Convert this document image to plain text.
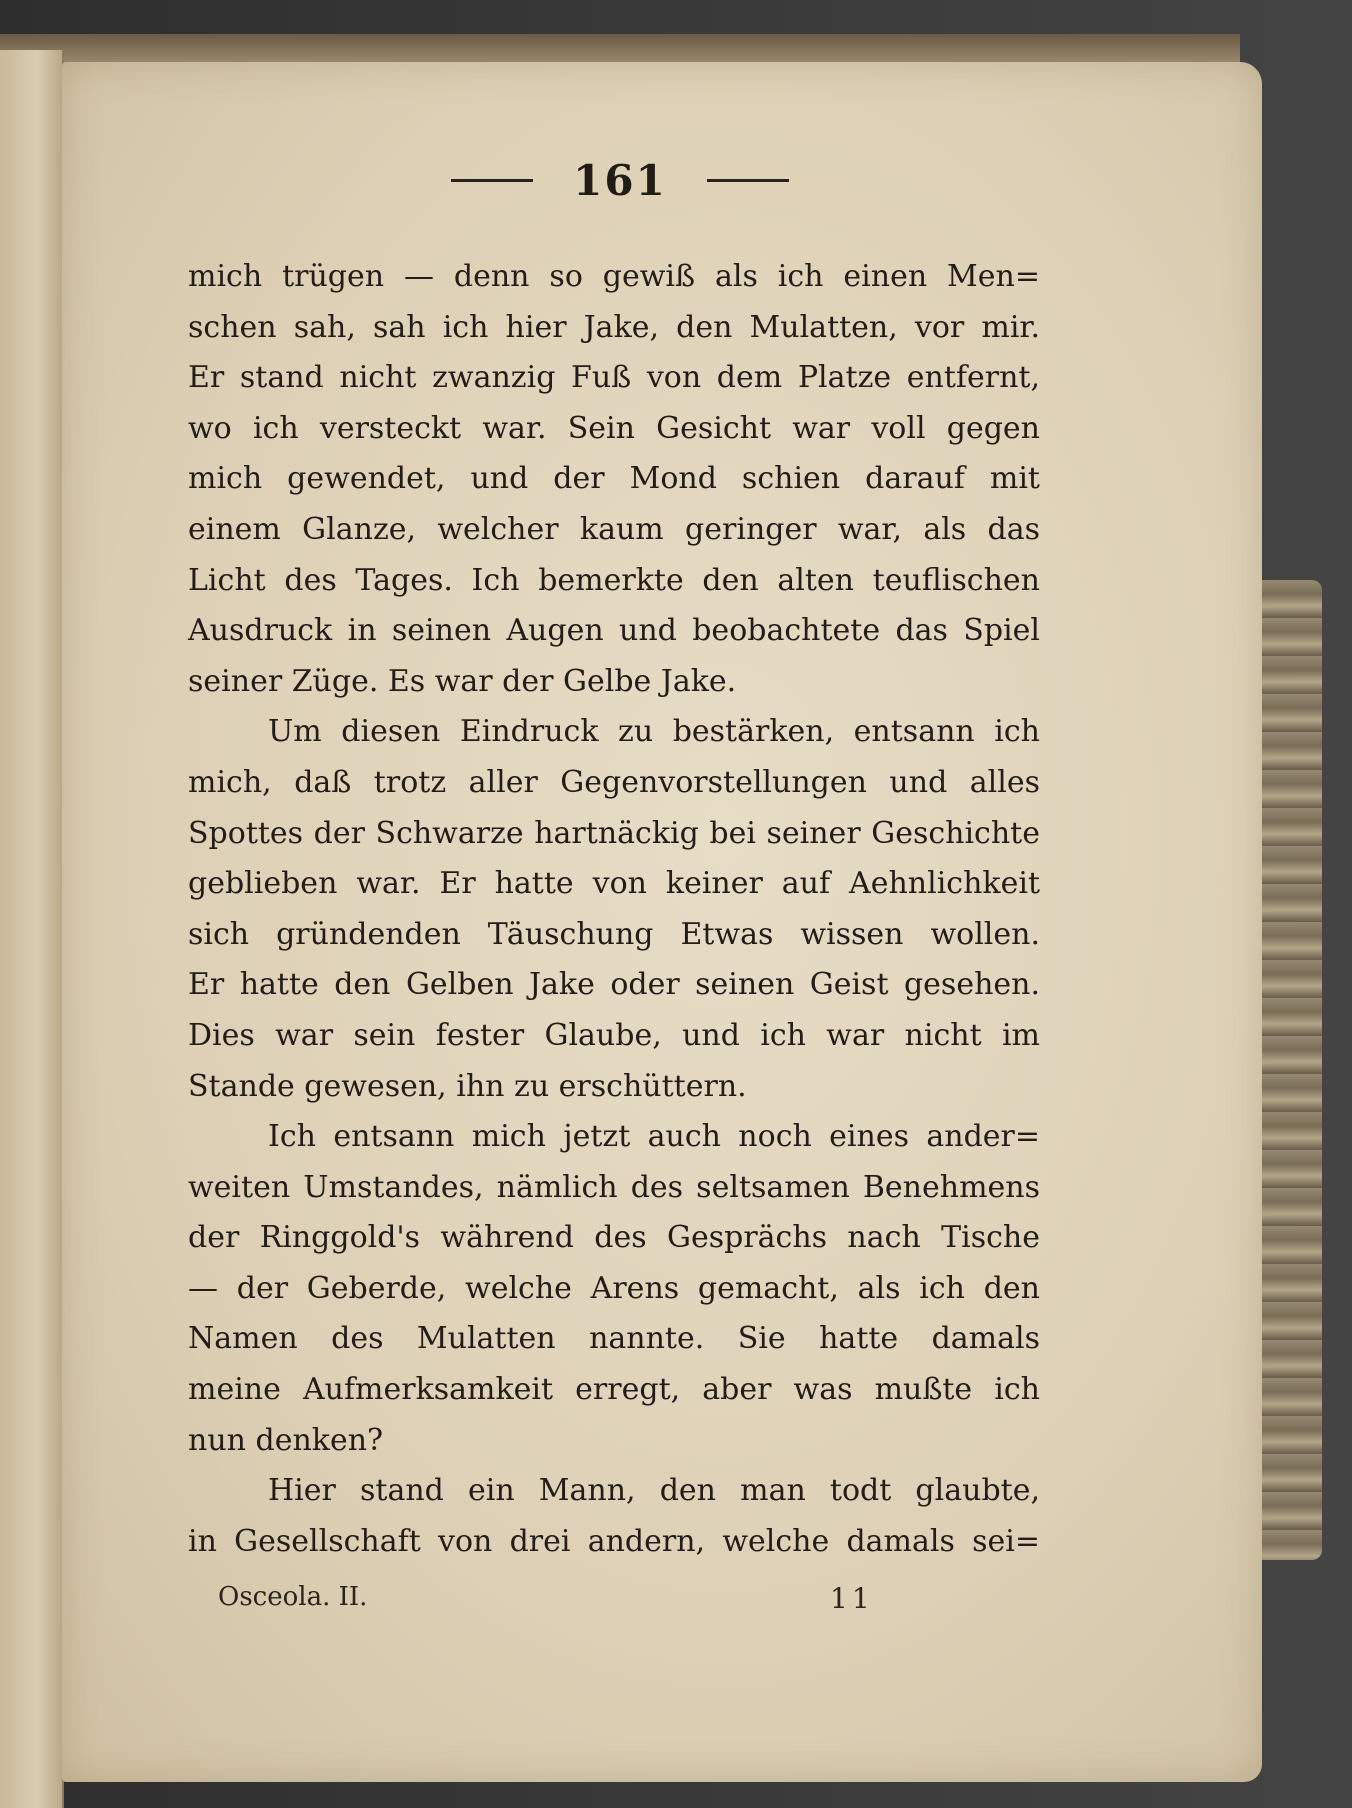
161
mich trügen — denn so gewiß als ich einen Men=
schen sah, sah ich hier Jake, den Mulatten, vor mir.
Er stand nicht zwanzig Fuß von dem Platze entfernt,
wo ich versteckt war. Sein Gesicht war voll gegen
mich gewendet, und der Mond schien darauf mit
einem Glanze, welcher kaum geringer war, als das
Licht des Tages. Ich bemerkte den alten teuflischen
Ausdruck in seinen Augen und beobachtete das Spiel
seiner Züge. Es war der Gelbe Jake.
Um diesen Eindruck zu bestärken, entsann ich
mich, daß trotz aller Gegenvorstellungen und alles
Spottes der Schwarze hartnäckig bei seiner Geschichte
geblieben war. Er hatte von keiner auf Aehnlichkeit
sich gründenden Täuschung Etwas wissen wollen.
Er hatte den Gelben Jake oder seinen Geist gesehen.
Dies war sein fester Glaube, und ich war nicht im
Stande gewesen, ihn zu erschüttern.
Ich entsann mich jetzt auch noch eines ander=
weiten Umstandes, nämlich des seltsamen Benehmens
der Ringgold's während des Gesprächs nach Tische
— der Geberde, welche Arens gemacht, als ich den
Namen des Mulatten nannte. Sie hatte damals
meine Aufmerksamkeit erregt, aber was mußte ich
nun denken?
Hier stand ein Mann, den man todt glaubte,
in Gesellschaft von drei andern, welche damals sei=
Osceola. II.	11
